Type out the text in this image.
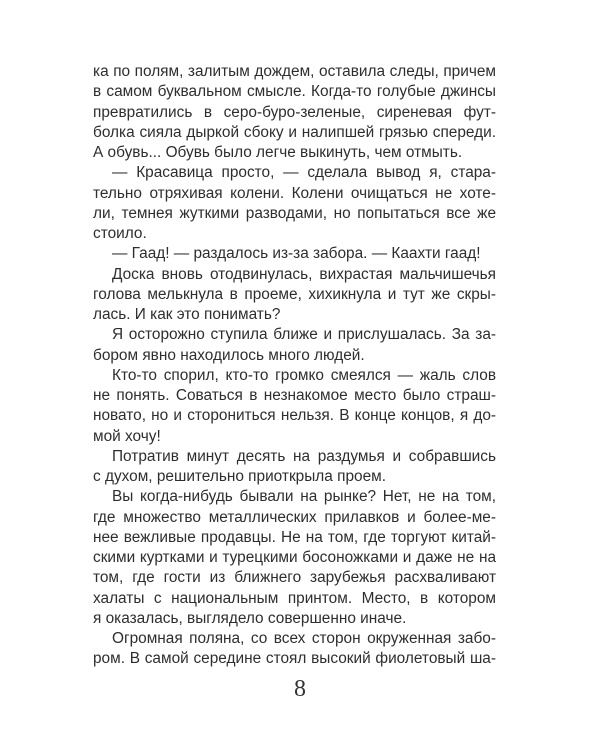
ка по полям, залитым дождем, оставила следы, причем
в самом буквальном смысле. Когда-то голубые джинсы
превратились в серо-буро-зеленые, сиреневая фут-
болка сияла дыркой сбоку и налипшей грязью спереди.
А обувь... Обувь было легче выкинуть, чем отмыть.
— Красавица просто, — сделала вывод я, стара-
тельно отряхивая колени. Колени очищаться не хоте-
ли, темнея жуткими разводами, но попытаться все же
стоило.
— Гаад! — раздалось из-за забора. — Каахти гаад!
Доска вновь отодвинулась, вихрастая мальчишечья
голова мелькнула в проеме, хихикнула и тут же скры-
лась. И как это понимать?
Я осторожно ступила ближе и прислушалась. За за-
бором явно находилось много людей.
Кто-то спорил, кто-то громко смеялся — жаль слов
не понять. Соваться в незнакомое место было страш-
новато, но и сторониться нельзя. В конце концов, я до-
мой хочу!
Потратив минут десять на раздумья и собравшись
с духом, решительно приоткрыла проем.
Вы когда-нибудь бывали на рынке? Нет, не на том,
где множество металлических прилавков и более-ме-
нее вежливые продавцы. Не на том, где торгуют китай-
скими куртками и турецкими босоножками и даже не на
том, где гости из ближнего зарубежья расхваливают
халаты с национальным принтом. Место, в котором
я оказалась, выглядело совершенно иначе.
Огромная поляна, со всех сторон окруженная забо-
ром. В самой середине стоял высокий фиолетовый ша-
8
